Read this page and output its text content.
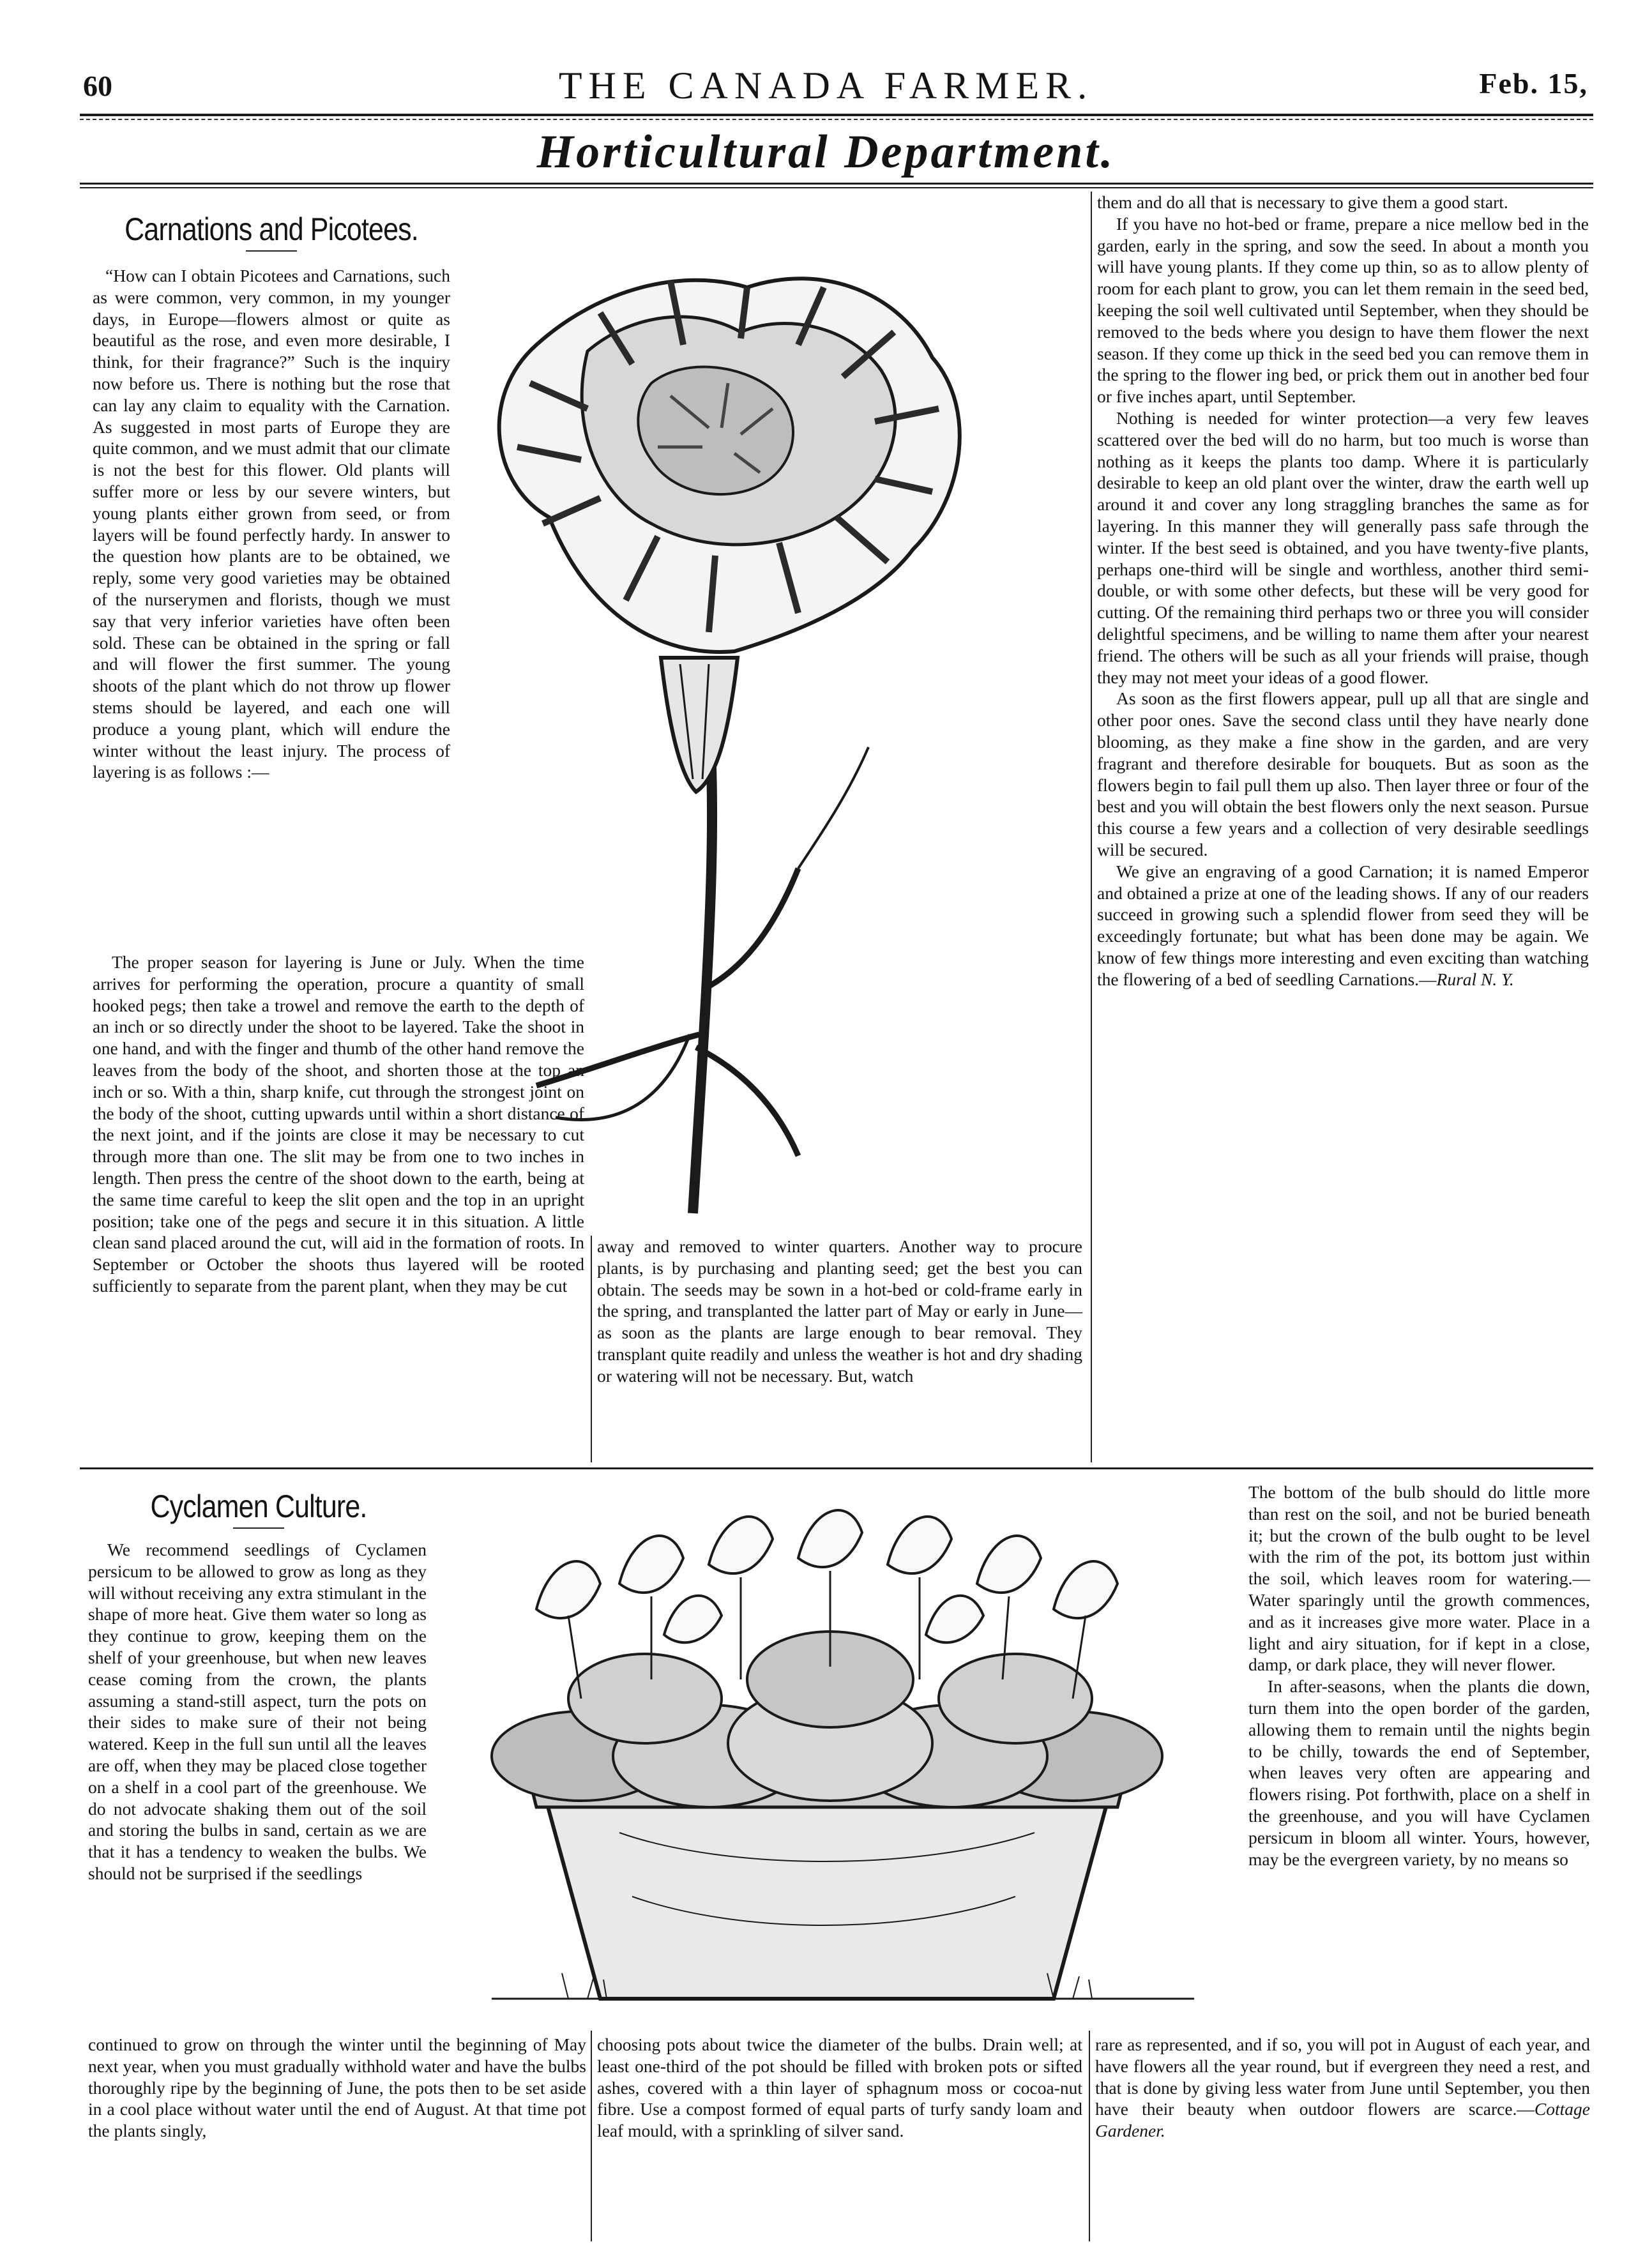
60	THE CANADA FARMER.	Feb. 15,
Horticultural Department.
Carnations and Picotees.

“How can I obtain Picotees and Carnations, such as were common, very common, in my younger days, in Europe—flowers almost or quite as beautiful as the rose, and even more desirable, I think, for their fragrance?” Such is the inquiry now before us. There is nothing but the rose that can lay any claim to equality with the Carnation. As suggested in most parts of Europe they are quite common, and we must admit that our climate is not the best for this flower. Old plants will suffer more or less by our severe winters, but young plants either grown from seed, or from layers will be found perfectly hardy. In answer to the question how plants are to be obtained, we reply, some very good varieties may be obtained of the nurserymen and florists, though we must say that very inferior varieties have often been sold. These can be obtained in the spring or fall and will flower the first summer. The young shoots of the plant which do not throw up flower stems should be layered, and each one will produce a young plant, which will endure the winter without the least injury. The process of layering is as follows :—

The proper season for layering is June or July. When the time arrives for performing the operation, procure a quantity of small hooked pegs; then take a trowel and remove the earth to the depth of an inch or so directly under the shoot to be layered. Take the shoot in one hand, and with the finger and thumb of the other hand remove the leaves from the body of the shoot, and shorten those at the top an inch or so. With a thin, sharp knife, cut through the strongest joint on the body of the shoot, cutting upwards until within a short distance of the next joint, and if the joints are close it may be necessary to cut through more than one. The slit may be from one to two inches in length. Then press the centre of the shoot down to the earth, being at the same time careful to keep the slit open and the top in an upright position; take one of the pegs and secure it in this situation. A little clean sand placed around the cut, will aid in the formation of roots. In September or October the shoots thus layered will be rooted sufficiently to separate from the parent plant, when they may be cut

away and removed to winter quarters. Another way to procure plants, is by purchasing and planting seed; get the best you can obtain. The seeds may be sown in a hot-bed or cold-frame early in the spring, and transplanted the latter part of May or early in June—as soon as the plants are large enough to bear removal. They transplant quite readily and unless the weather is hot and dry shading or watering will not be necessary. But, watch

them and do all that is necessary to give them a good start.

If you have no hot-bed or frame, prepare a nice mellow bed in the garden, early in the spring, and sow the seed. In about a month you will have young plants. If they come up thin, so as to allow plenty of room for each plant to grow, you can let them remain in the seed bed, keeping the soil well cultivated until September, when they should be removed to the beds where you design to have them flower the next season. If they come up thick in the seed bed you can remove them in the spring to the flower ing bed, or prick them out in another bed four or five inches apart, until September.

Nothing is needed for winter protection—a very few leaves scattered over the bed will do no harm, but too much is worse than nothing as it keeps the plants too damp. Where it is particularly desirable to keep an old plant over the winter, draw the earth well up around it and cover any long straggling branches the same as for layering. In this manner they will generally pass safe through the winter. If the best seed is obtained, and you have twenty-five plants, perhaps one-third will be single and worthless, another third semi-double, or with some other defects, but these will be very good for cutting. Of the remaining third perhaps two or three you will consider delightful specimens, and be willing to name them after your nearest friend. The others will be such as all your friends will praise, though they may not meet your ideas of a good flower.

As soon as the first flowers appear, pull up all that are single and other poor ones. Save the second class until they have nearly done blooming, as they make a fine show in the garden, and are very fragrant and therefore desirable for bouquets. But as soon as the flowers begin to fail pull them up also. Then layer three or four of the best and you will obtain the best flowers only the next season. Pursue this course a few years and a collection of very desirable seedlings will be secured.

We give an engraving of a good Carnation; it is named Emperor and obtained a prize at one of the leading shows. If any of our readers succeed in growing such a splendid flower from seed they will be exceedingly fortunate; but what has been done may be again. We know of few things more interesting and even exciting than watching the flowering of a bed of seedling Carnations.—Rural N. Y.

Cyclamen Culture.

We recommend seedlings of Cyclamen persicum to be allowed to grow as long as they will without receiving any extra stimulant in the shape of more heat. Give them water so long as they continue to grow, keeping them on the shelf of your greenhouse, but when new leaves cease coming from the crown, the plants assuming a stand-still aspect, turn the pots on their sides to make sure of their not being watered. Keep in the full sun until all the leaves are off, when they may be placed close together on a shelf in a cool part of the greenhouse. We do not advocate shaking them out of the soil and storing the bulbs in sand, certain as we are that it has a tendency to weaken the bulbs. We should not be surprised if the seedlings

continued to grow on through the winter until the beginning of May next year, when you must gradually withhold water and have the bulbs thoroughly ripe by the beginning of June, the pots then to be set aside in a cool place without water until the end of August. At that time pot the plants singly,

choosing pots about twice the diameter of the bulbs. Drain well; at least one-third of the pot should be filled with broken pots or sifted ashes, covered with a thin layer of sphagnum moss or cocoa-nut fibre. Use a compost formed of equal parts of turfy sandy loam and leaf mould, with a sprinkling of silver sand.

The bottom of the bulb should do little more than rest on the soil, and not be buried beneath it; but the crown of the bulb ought to be level with the rim of the pot, its bottom just within the soil, which leaves room for watering.—Water sparingly until the growth commences, and as it increases give more water. Place in a light and airy situation, for if kept in a close, damp, or dark place, they will never flower.

In after-seasons, when the plants die down, turn them into the open border of the garden, allowing them to remain until the nights begin to be chilly, towards the end of September, when leaves very often are appearing and flowers rising. Pot forthwith, place on a shelf in the greenhouse, and you will have Cyclamen persicum in bloom all winter. Yours, however, may be the evergreen variety, by no means so

rare as represented, and if so, you will pot in August of each year, and have flowers all the year round, but if evergreen they need a rest, and that is done by giving less water from June until September, you then have their beauty when outdoor flowers are scarce.—Cottage Gardener.
